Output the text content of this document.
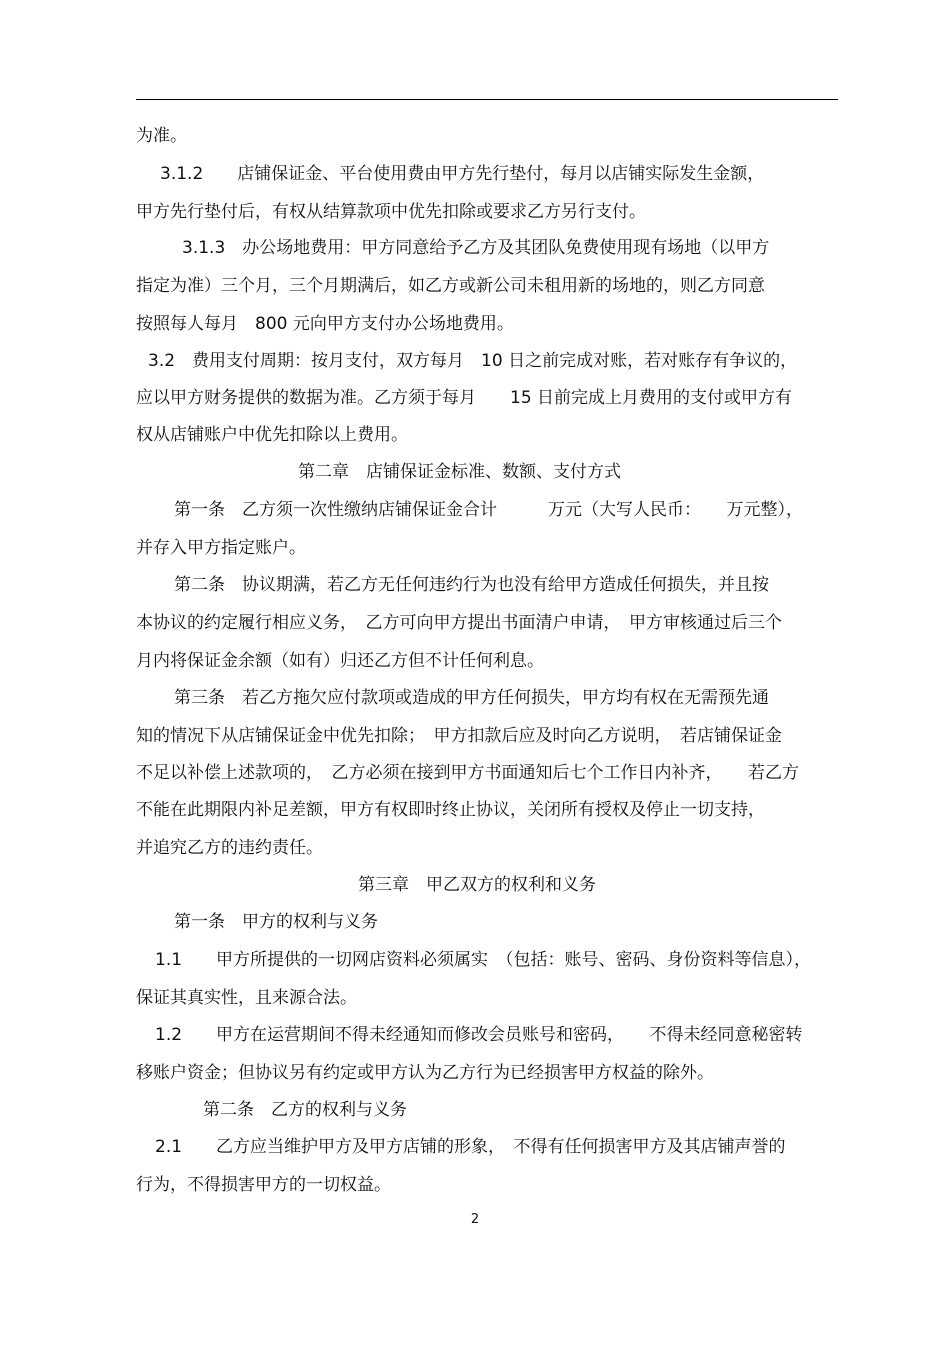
为准。
3.1.2　　店铺保证金、平台使用费由甲方先行垫付，每月以店铺实际发生金额，
甲方先行垫付后，有权从结算款项中优先扣除或要求乙方另行支付。
3.1.3　办公场地费用：甲方同意给予乙方及其团队免费使用现有场地（以甲方
指定为准）三个月，三个月期满后，如乙方或新公司未租用新的场地的，则乙方同意
按照每人每月　800 元向甲方支付办公场地费用。
3.2　费用支付周期：按月支付，双方每月　10 日之前完成对账，若对账存有争议的，
应以甲方财务提供的数据为准。乙方须于每月　　15 日前完成上月费用的支付或甲方有
权从店铺账户中优先扣除以上费用。
第二章　店铺保证金标准、数额、支付方式
第一条　乙方须一次性缴纳店铺保证金合计　　　万元（大写人民币：　　万元整），
并存入甲方指定账户。
第二条　协议期满，若乙方无任何违约行为也没有给甲方造成任何损失，并且按
本协议的约定履行相应义务，　乙方可向甲方提出书面清户申请，　甲方审核通过后三个
月内将保证金余额（如有）归还乙方但不计任何利息。
第三条　若乙方拖欠应付款项或造成的甲方任何损失，甲方均有权在无需预先通
知的情况下从店铺保证金中优先扣除；　甲方扣款后应及时向乙方说明，　若店铺保证金
不足以补偿上述款项的，　乙方必须在接到甲方书面通知后七个工作日内补齐，　　若乙方
不能在此期限内补足差额，甲方有权即时终止协议，关闭所有授权及停止一切支持，
并追究乙方的违约责任。
第三章　甲乙双方的权利和义务
第一条　甲方的权利与义务
1.1　　甲方所提供的一切网店资料必须属实　（包括：账号、密码、身份资料等信息），
保证其真实性，且来源合法。
1.2　　甲方在运营期间不得未经通知而修改会员账号和密码，　　不得未经同意秘密转
移账户资金；但协议另有约定或甲方认为乙方行为已经损害甲方权益的除外。
第二条　乙方的权利与义务
2.1　　乙方应当维护甲方及甲方店铺的形象，　不得有任何损害甲方及其店铺声誉的
行为，不得损害甲方的一切权益。
2
